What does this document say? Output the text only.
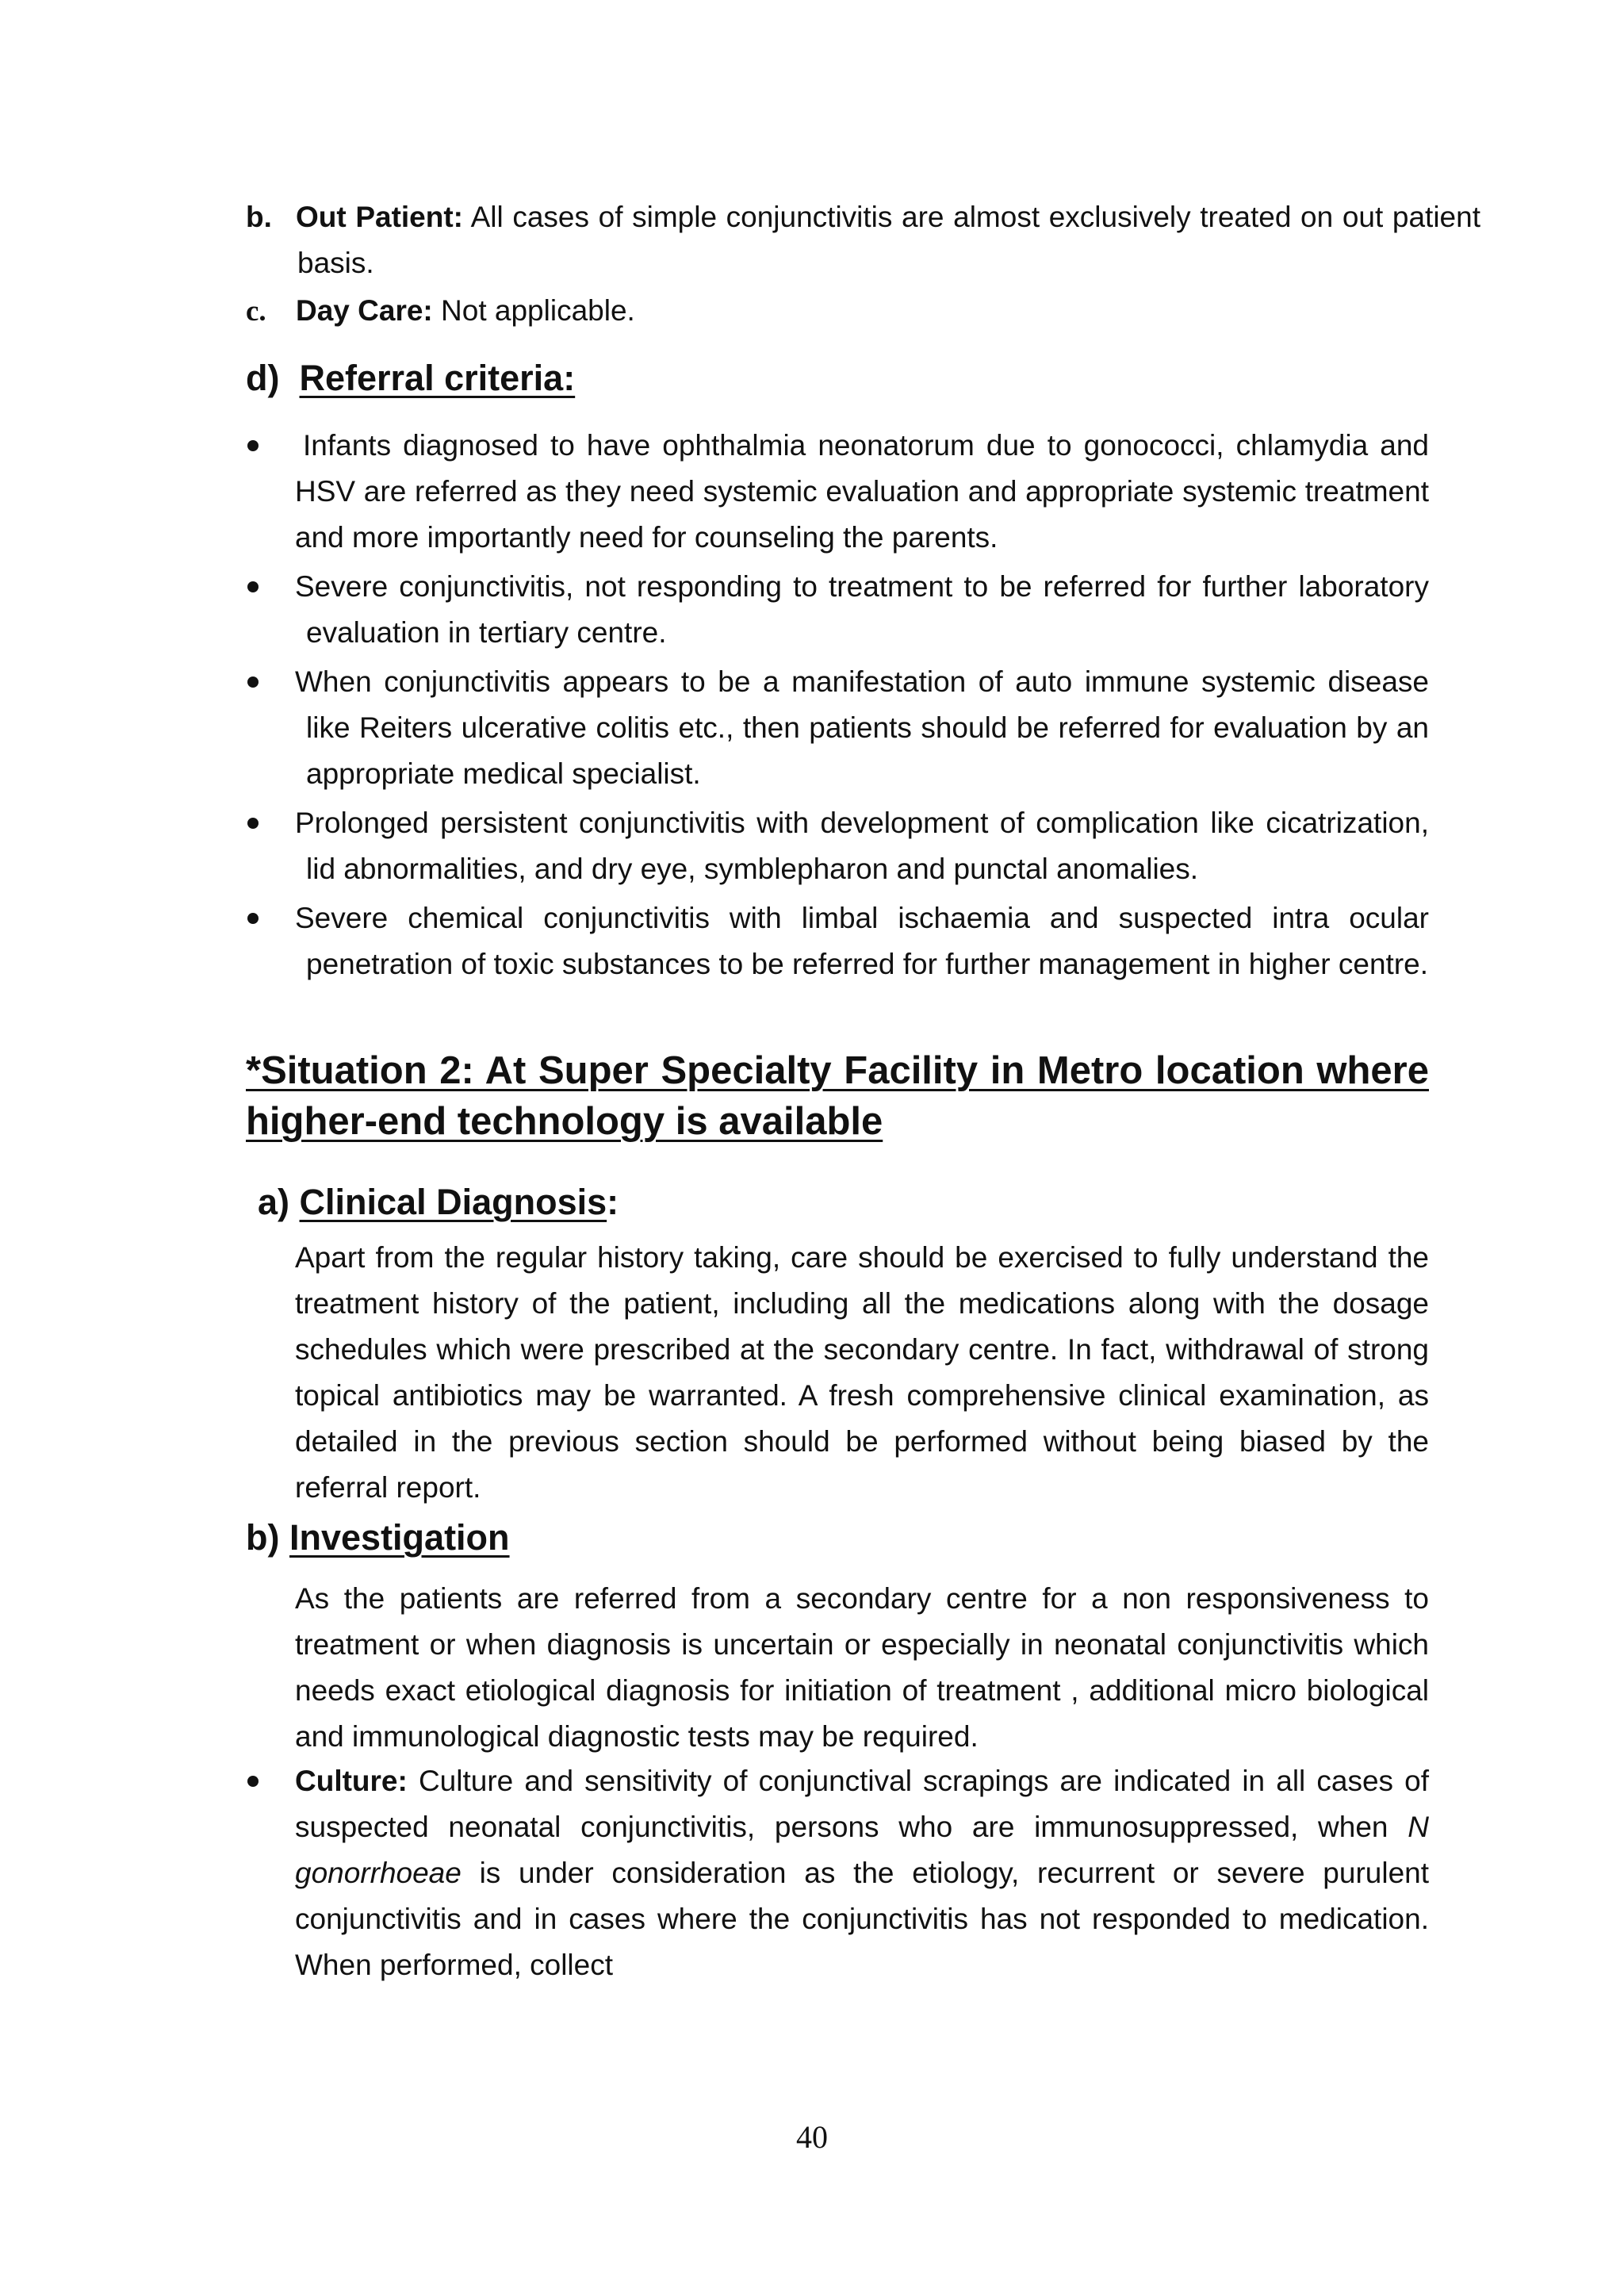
b. Out Patient: All cases of simple conjunctivitis are almost exclusively treated on out patient basis.

c. Day Care: Not applicable.

d) Referral criteria:
Infants diagnosed to have ophthalmia neonatorum due to gonococci, chlamydia and HSV are referred as they need systemic evaluation and appropriate systemic treatment and more importantly need for counseling the parents.
Severe conjunctivitis, not responding to treatment to be referred for further laboratory evaluation in tertiary centre.
When conjunctivitis appears to be a manifestation of auto immune systemic disease like Reiters ulcerative colitis etc., then patients should be referred for evaluation by an appropriate medical specialist.
Prolonged persistent conjunctivitis with development of complication like cicatrization, lid abnormalities, and dry eye, symblepharon and punctal anomalies.
Severe chemical conjunctivitis with limbal ischaemia and suspected intra ocular penetration of toxic substances to be referred for further management in higher centre.
*Situation 2: At Super Specialty Facility in Metro location where higher-end technology is available
a) Clinical Diagnosis:

Apart from the regular history taking, care should be exercised to fully understand the treatment history of the patient, including all the medications along with the dosage schedules which were prescribed at the secondary centre. In fact, withdrawal of strong topical antibiotics may be warranted. A fresh comprehensive clinical examination, as detailed in the previous section should be performed without being biased by the referral report.

b) Investigation

As the patients are referred from a secondary centre for a non responsiveness to treatment or when diagnosis is uncertain or especially in neonatal conjunctivitis which needs exact etiological diagnosis for initiation of treatment , additional micro biological and immunological diagnostic tests may be required.

Culture: Culture and sensitivity of conjunctival scrapings are indicated in all cases of suspected neonatal conjunctivitis, persons who are immunosuppressed, when N gonorrhoeae is under consideration as the etiology, recurrent or severe purulent conjunctivitis and in cases where the conjunctivitis has not responded to medication. When performed, collect
40
